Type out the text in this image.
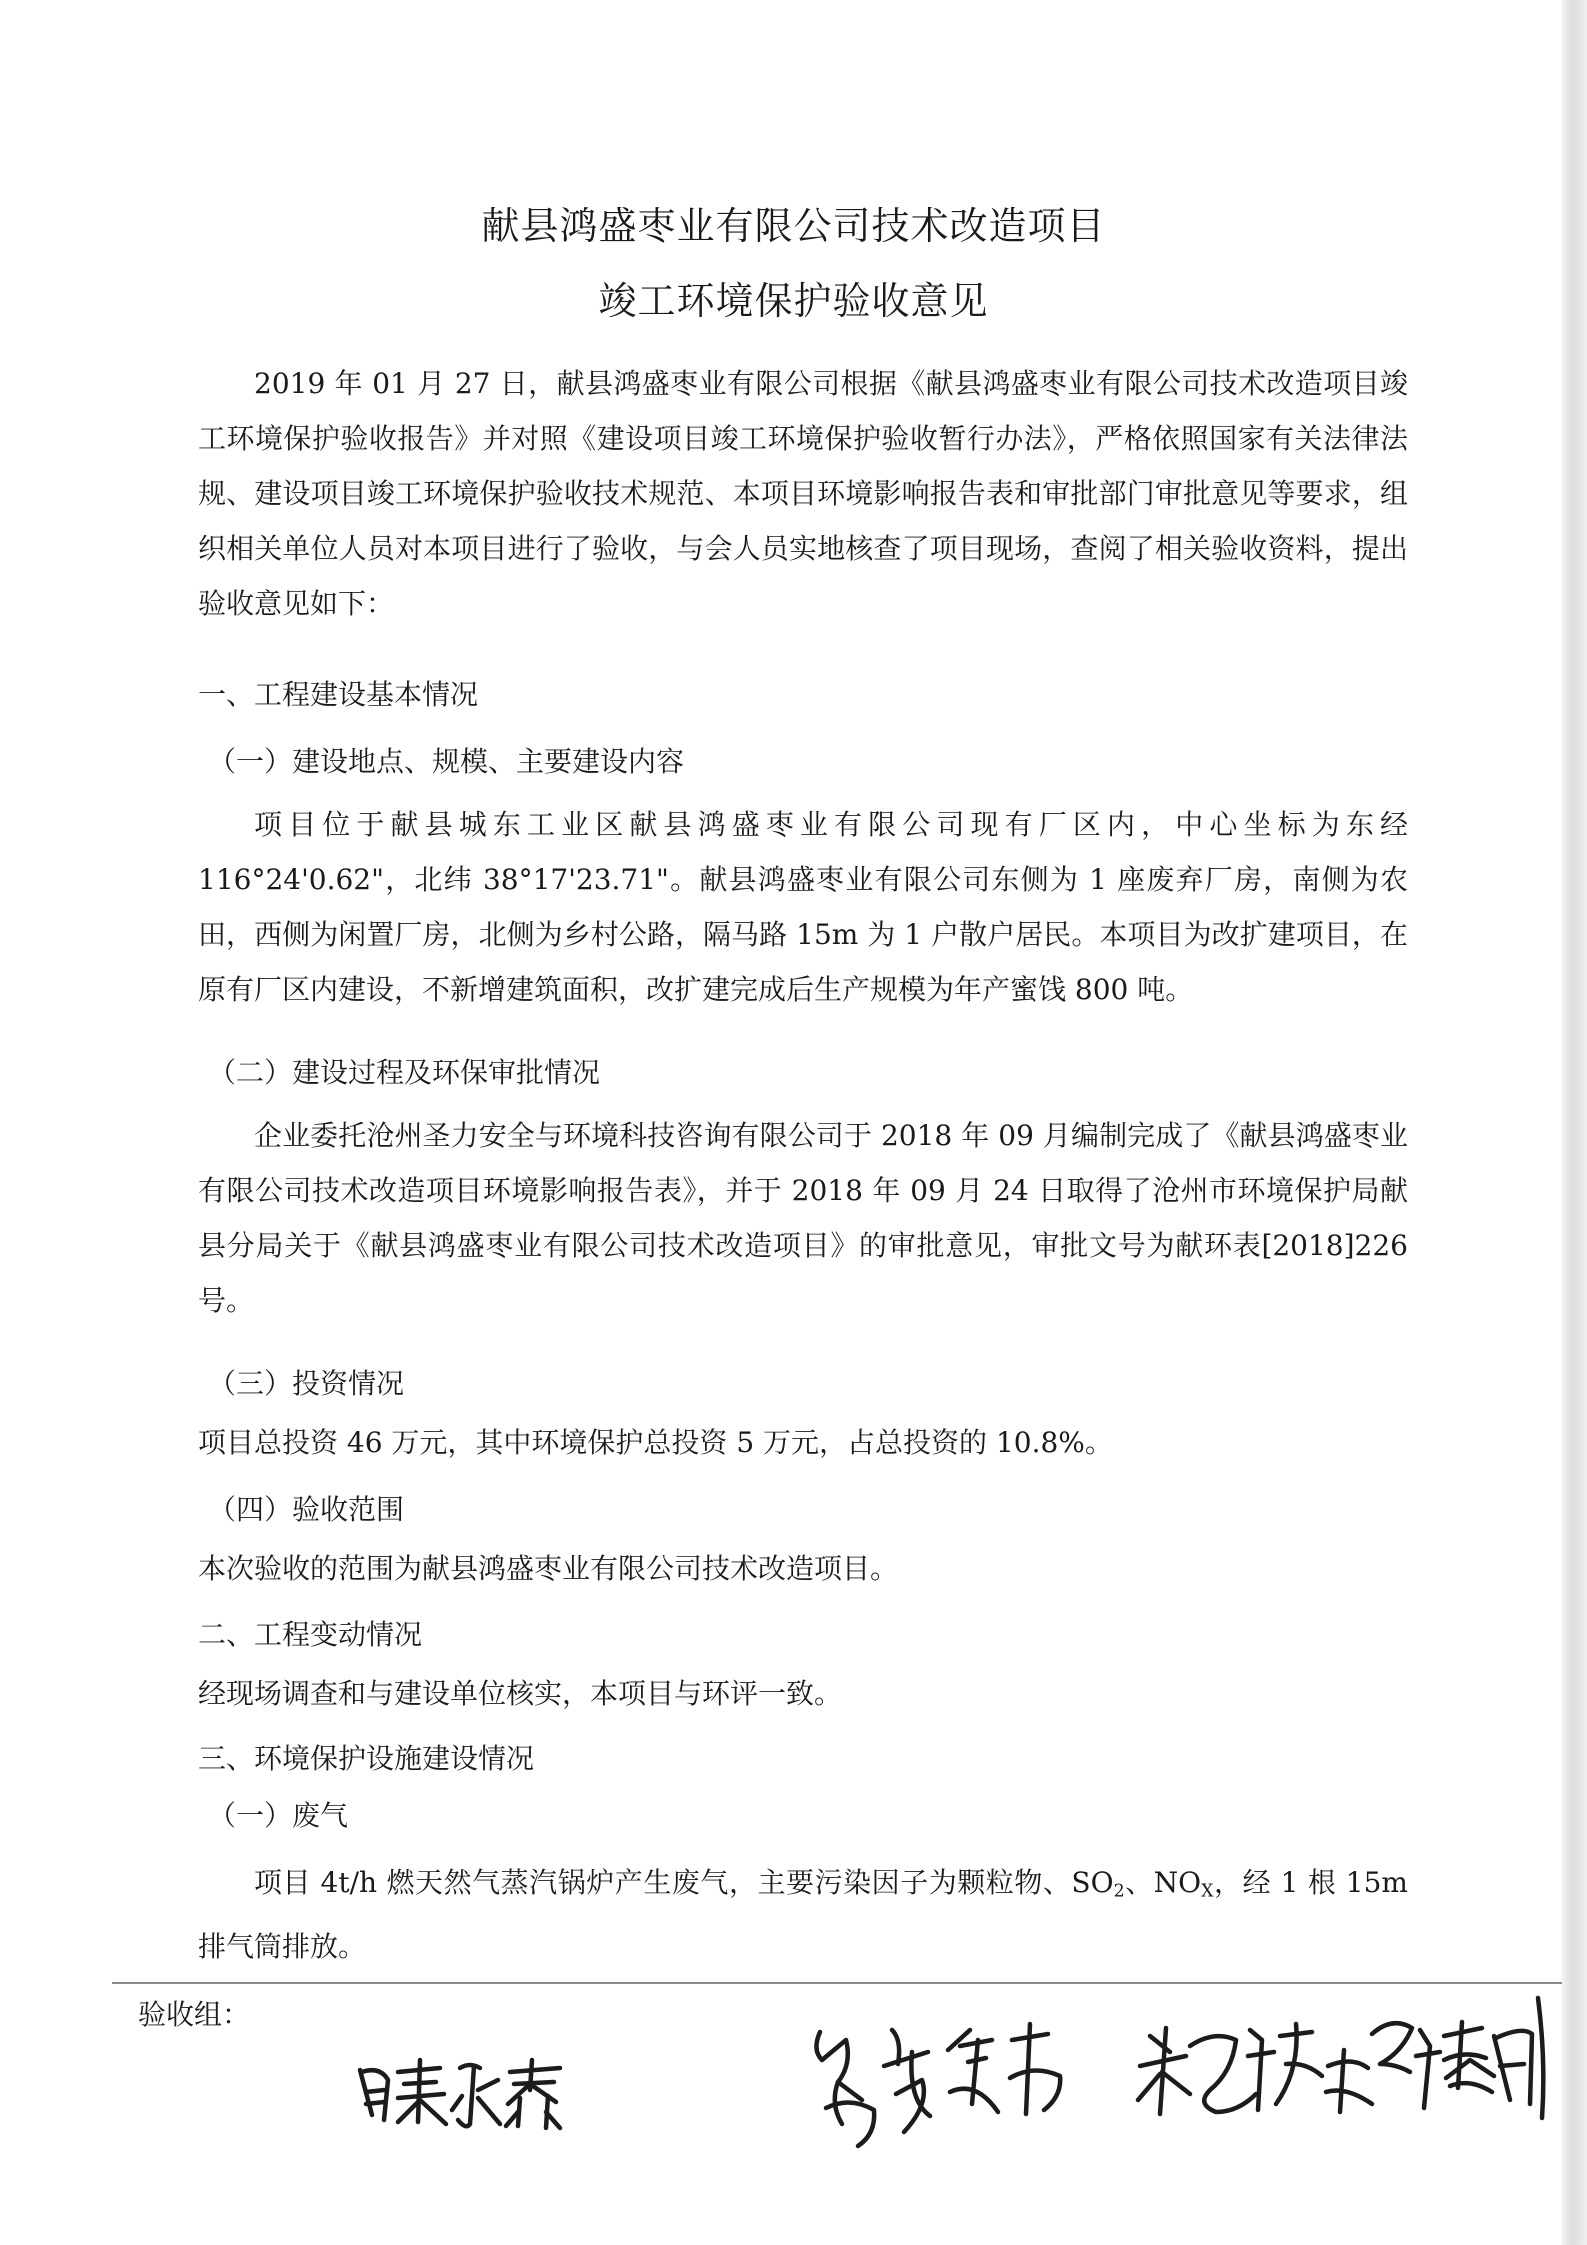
献县鸿盛枣业有限公司技术改造项目
竣工环境保护验收意见
2019 年 01 月 27 日，献县鸿盛枣业有限公司根据《献县鸿盛枣业有限公司技术改造项目竣工环境保护验收报告》并对照《建设项目竣工环境保护验收暂行办法》，严格依照国家有关法律法规、建设项目竣工环境保护验收技术规范、本项目环境影响报告表和审批部门审批意见等要求，组织相关单位人员对本项目进行了验收，与会人员实地核查了项目现场，查阅了相关验收资料，提出验收意见如下：
一、工程建设基本情况
（一）建设地点、规模、主要建设内容
项目位于献县城东工业区献县鸿盛枣业有限公司现有厂区内，中心坐标为东经 116°24'0.62"，北纬 38°17'23.71"。献县鸿盛枣业有限公司东侧为 1 座废弃厂房，南侧为农田，西侧为闲置厂房，北侧为乡村公路，隔马路 15m 为 1 户散户居民。本项目为改扩建项目，在原有厂区内建设，不新增建筑面积，改扩建完成后生产规模为年产蜜饯 800 吨。
（二）建设过程及环保审批情况
企业委托沧州圣力安全与环境科技咨询有限公司于 2018 年 09 月编制完成了《献县鸿盛枣业有限公司技术改造项目环境影响报告表》，并于 2018 年 09 月 24 日取得了沧州市环境保护局献县分局关于《献县鸿盛枣业有限公司技术改造项目》的审批意见，审批文号为献环表[2018]226 号。
（三）投资情况
项目总投资 46 万元，其中环境保护总投资 5 万元，占总投资的 10.8%。
（四）验收范围
本次验收的范围为献县鸿盛枣业有限公司技术改造项目。
二、工程变动情况
经现场调查和与建设单位核实，本项目与环评一致。
三、环境保护设施建设情况
（一）废气
项目 4t/h 燃天然气蒸汽锅炉产生废气，主要污染因子为颗粒物、$SO_2$、$NO_X$，经 1 根 15m 排气筒排放。
验收组：
